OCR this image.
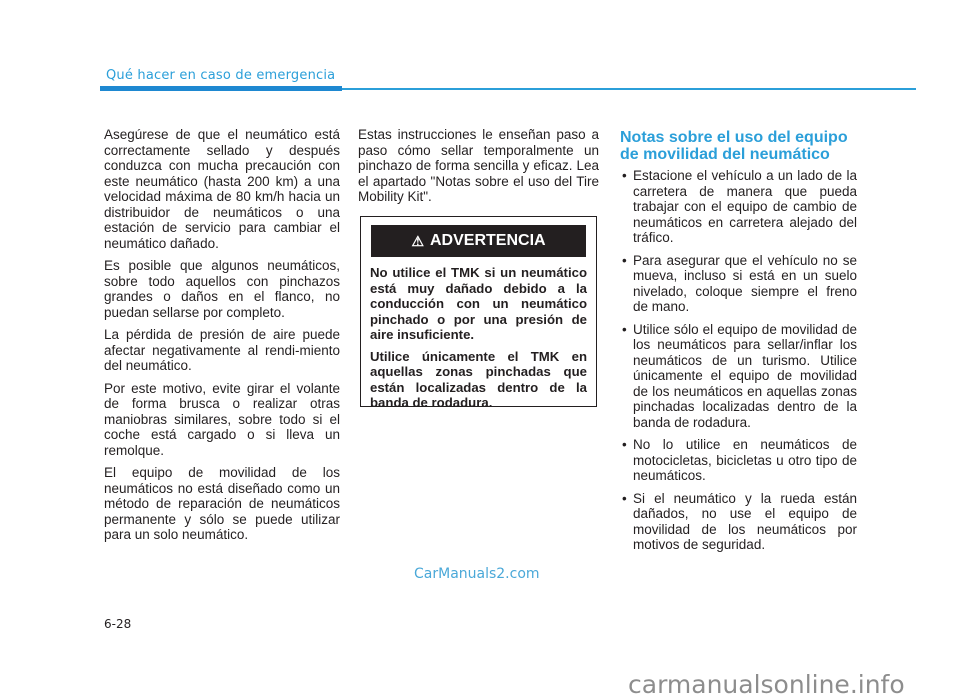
Qué hacer en caso de emergencia

Asegúrese de que el neumático está correctamente sellado y después conduzca con mucha precaución con este neumático (hasta 200 km) a una velocidad máxima de 80 km/h hacia un distribuidor de neumáticos o una estación de servicio para cambiar el neumático dañado.

Es posible que algunos neumáticos, sobre todo aquellos con pinchazos grandes o daños en el flanco, no puedan sellarse por completo.

La pérdida de presión de aire puede afectar negativamente al rendi-miento del neumático.

Por este motivo, evite girar el volante de forma brusca o realizar otras maniobras similares, sobre todo si el coche está cargado o si lleva un remolque.

El equipo de movilidad de los neumáticos no está diseñado como un método de reparación de neumáticos permanente y sólo se puede utilizar para un solo neumático.

Estas instrucciones le enseñan paso a paso cómo sellar temporalmente un pinchazo de forma sencilla y eficaz. Lea el apartado "Notas sobre el uso del Tire Mobility Kit".

⚠ ADVERTENCIA

No utilice el TMK si un neumático está muy dañado debido a la conducción con un neumático pinchado o por una presión de aire insuficiente.

Utilice únicamente el TMK en aquellas zonas pinchadas que están localizadas dentro de la banda de rodadura.

Notas sobre el uso del equipo de movilidad del neumático
• Estacione el vehículo a un lado de la carretera de manera que pueda trabajar con el equipo de cambio de neumáticos en carretera alejado del tráfico.
• Para asegurar que el vehículo no se mueva, incluso si está en un suelo nivelado, coloque siempre el freno de mano.
• Utilice sólo el equipo de movilidad de los neumáticos para sellar/inflar los neumáticos de un turismo. Utilice únicamente el equipo de movilidad de los neumáticos en aquellas zonas pinchadas localizadas dentro de la banda de rodadura.
• No lo utilice en neumáticos de motocicletas, bicicletas u otro tipo de neumáticos.
• Si el neumático y la rueda están dañados, no use el equipo de movilidad de los neumáticos por motivos de seguridad.
CarManuals2.com
6-28
carmanualsonline.info
